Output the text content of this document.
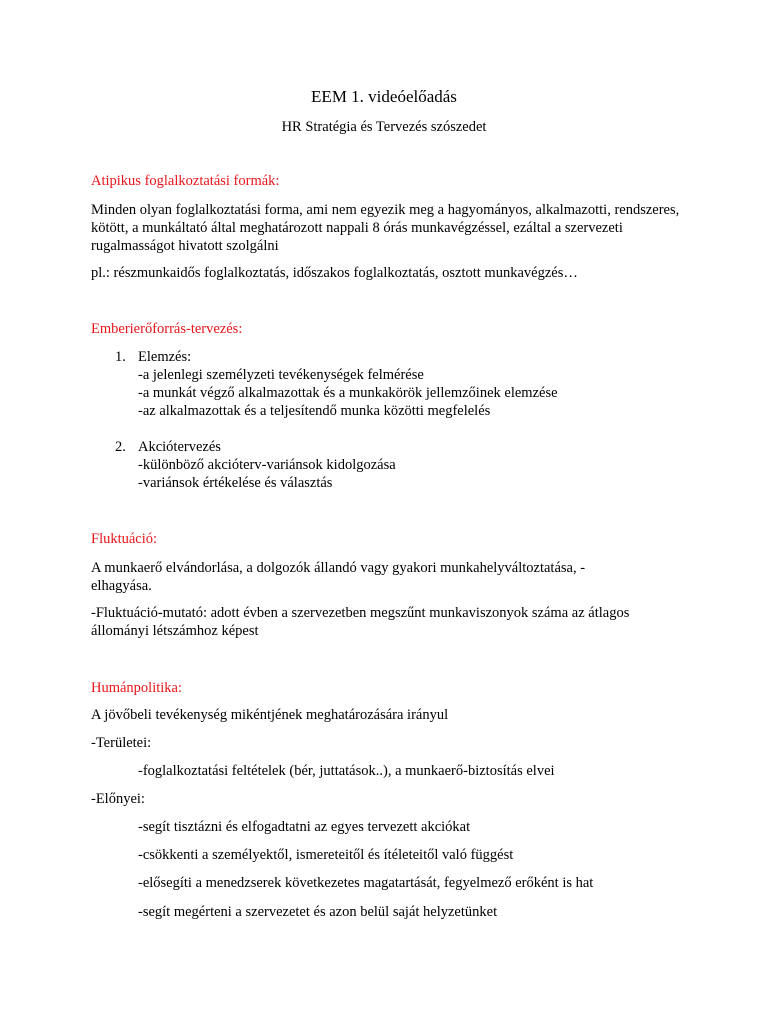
EEM 1. videóelőadás
HR Stratégia és Tervezés szószedet
Atipikus foglalkoztatási formák:
Minden olyan foglalkoztatási forma, ami nem egyezik meg a hagyományos, alkalmazotti, rendszeres, kötött, a munkáltató által meghatározott nappali 8 órás munkavégzéssel, ezáltal a szervezeti rugalmasságot hivatott szolgálni
pl.: részmunkaidős foglalkoztatás, időszakos foglalkoztatás, osztott munkavégzés…
Emberierőforrás-tervezés:
1. Elemzés:
-a jelenlegi személyzeti tevékenységek felmérése
-a munkát végző alkalmazottak és a munkakörök jellemzőinek elemzése
-az alkalmazottak és a teljesítendő munka közötti megfelelés
2. Akciótervezés
-különböző akcióterv-variánsok kidolgozása
-variánsok értékelése és választás
Fluktuáció:
A munkaerő elvándorlása, a dolgozók állandó vagy gyakori munkahelyváltoztatása, -elhagyása.
-Fluktuáció-mutató: adott évben a szervezetben megszűnt munkaviszonyok száma az átlagos állományi létszámhoz képest
Humánpolitika:
A jövőbeli tevékenység mikéntjének meghatározására irányul
-Területei:
-foglalkoztatási feltételek (bér, juttatások..), a munkaerő-biztosítás elvei
-Előnyei:
-segít tisztázni és elfogadtatni az egyes tervezett akciókat
-csökkenti a személyektől, ismereteitől és ítéleteitől való függést
-elősegíti a menedzserek következetes magatartását, fegyelmező erőként is hat
-segít megérteni a szervezetet és azon belül saját helyzetünket
